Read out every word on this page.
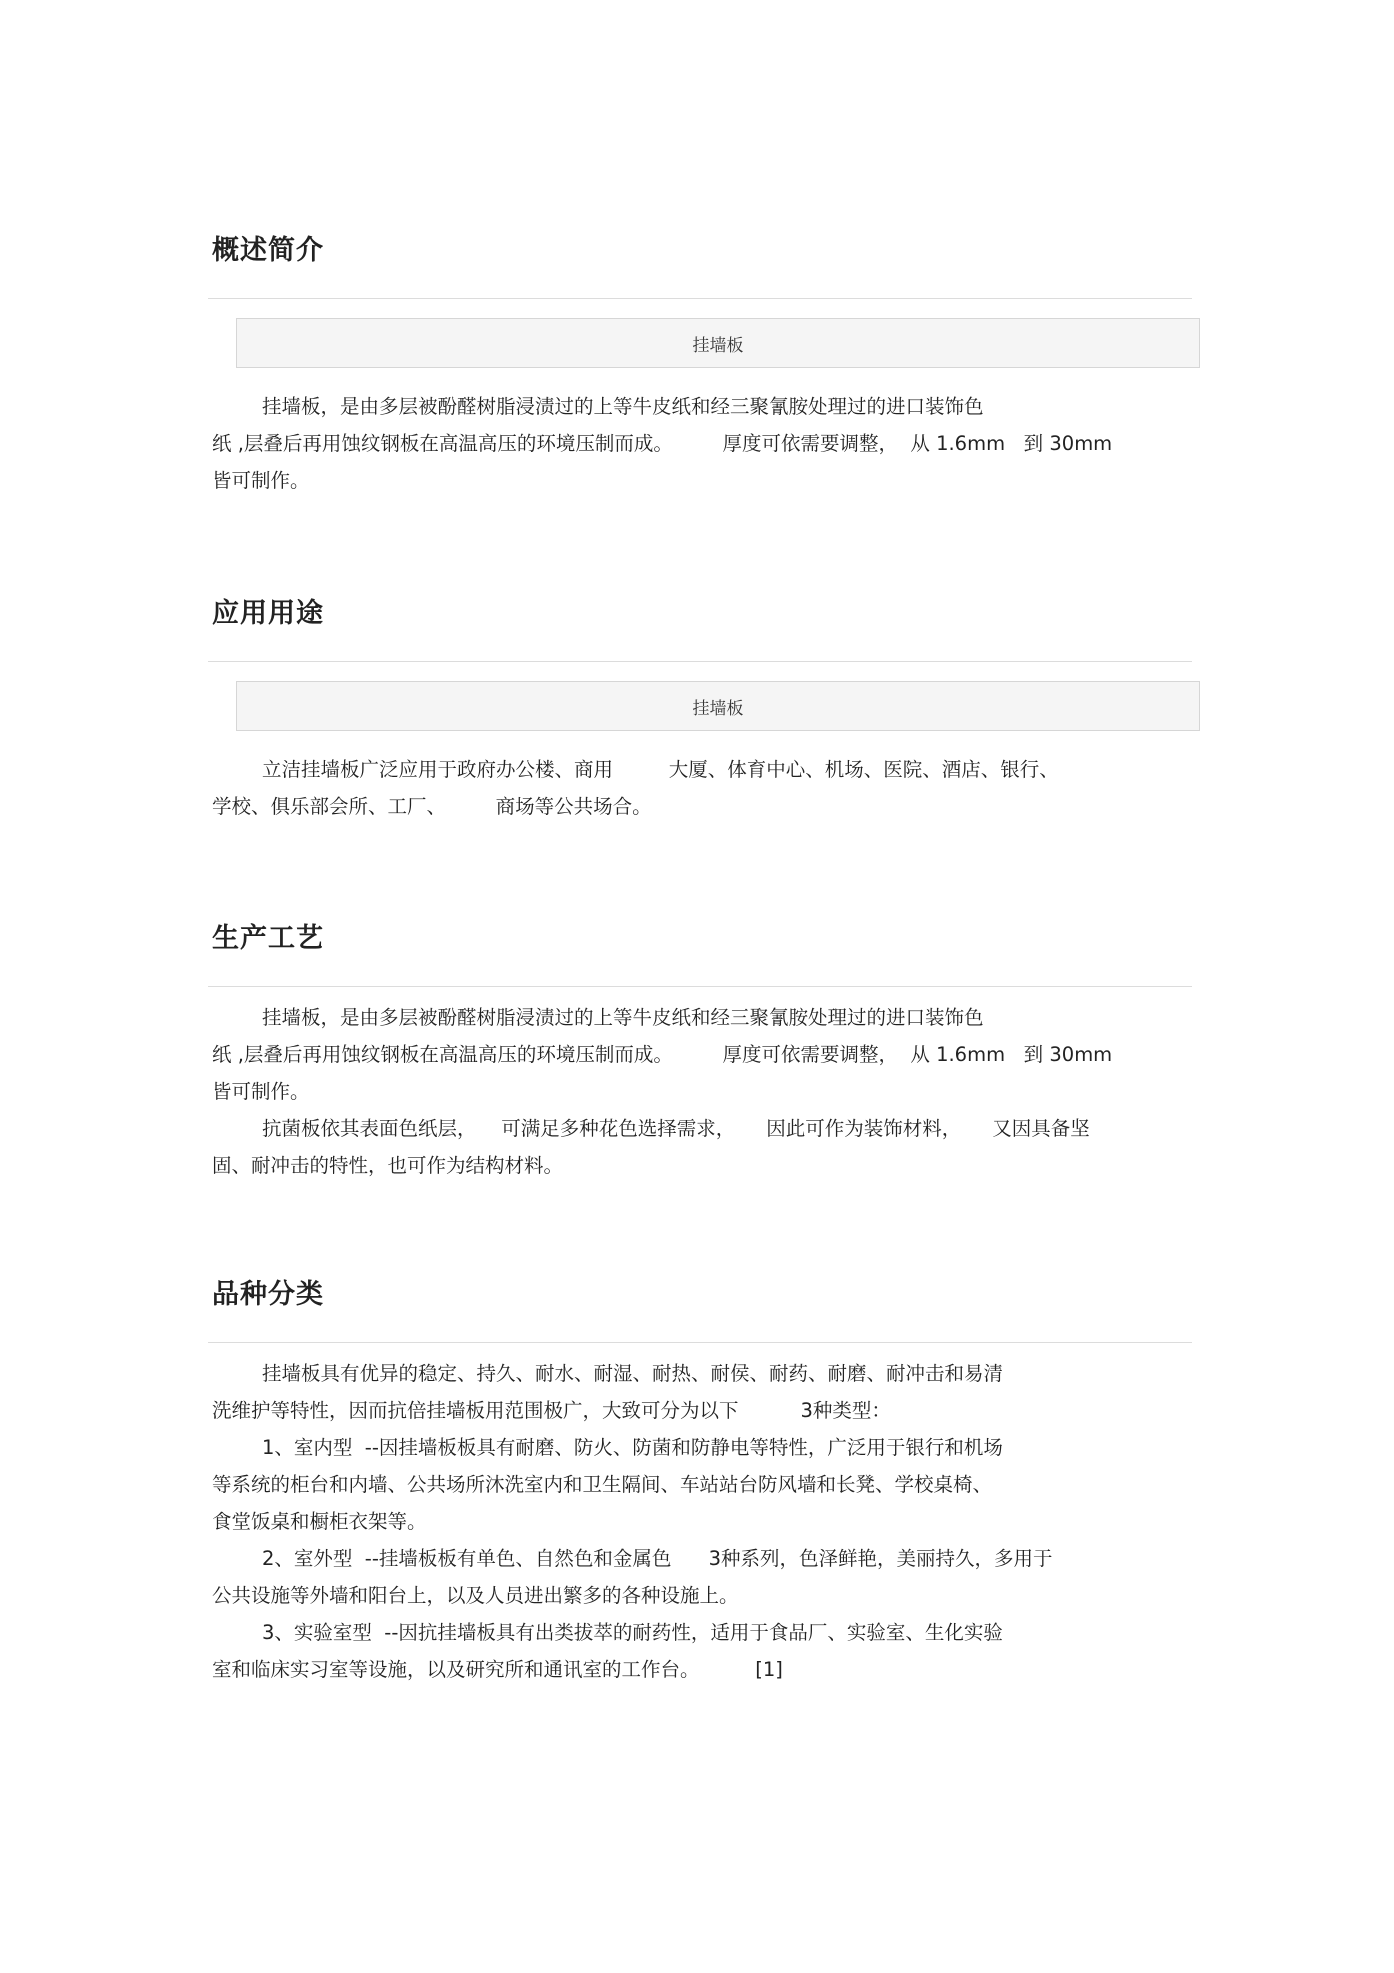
概述简介
挂墙板

挂墙板，是由多层被酚醛树脂浸渍过的上等牛皮纸和经三聚氰胺处理过的进口装饰色
纸 ,层叠后再用蚀纹钢板在高温高压的环境压制而成。        厚度可依需要调整，  从 1.6mm   到 30mm
皆可制作。

应用用途
挂墙板

立洁挂墙板广泛应用于政府办公楼、商用         大厦、体育中心、机场、医院、酒店、银行、
学校、俱乐部会所、工厂、        商场等公共场合。

生产工艺

挂墙板，是由多层被酚醛树脂浸渍过的上等牛皮纸和经三聚氰胺处理过的进口装饰色
纸 ,层叠后再用蚀纹钢板在高温高压的环境压制而成。        厚度可依需要调整，  从 1.6mm   到 30mm
皆可制作。
抗菌板依其表面色纸层，    可满足多种花色选择需求，     因此可作为装饰材料，     又因具备坚
固、耐冲击的特性，也可作为结构材料。

品种分类

挂墙板具有优异的稳定、持久、耐水、耐湿、耐热、耐侯、耐药、耐磨、耐冲击和易清
洗维护等特性，因而抗倍挂墙板用范围极广，大致可分为以下          3种类型：
1、室内型  --因挂墙板板具有耐磨、防火、防菌和防静电等特性，广泛用于银行和机场
等系统的柜台和内墙、公共场所沐洗室内和卫生隔间、车站站台防风墙和长凳、学校桌椅、
食堂饭桌和橱柜衣架等。
2、室外型  --挂墙板板有单色、自然色和金属色      3种系列，色泽鲜艳，美丽持久，多用于
公共设施等外墙和阳台上，以及人员进出繁多的各种设施上。
3、实验室型  --因抗挂墙板具有出类拔萃的耐药性，适用于食品厂、实验室、生化实验
室和临床实习室等设施，以及研究所和通讯室的工作台。         [1]
